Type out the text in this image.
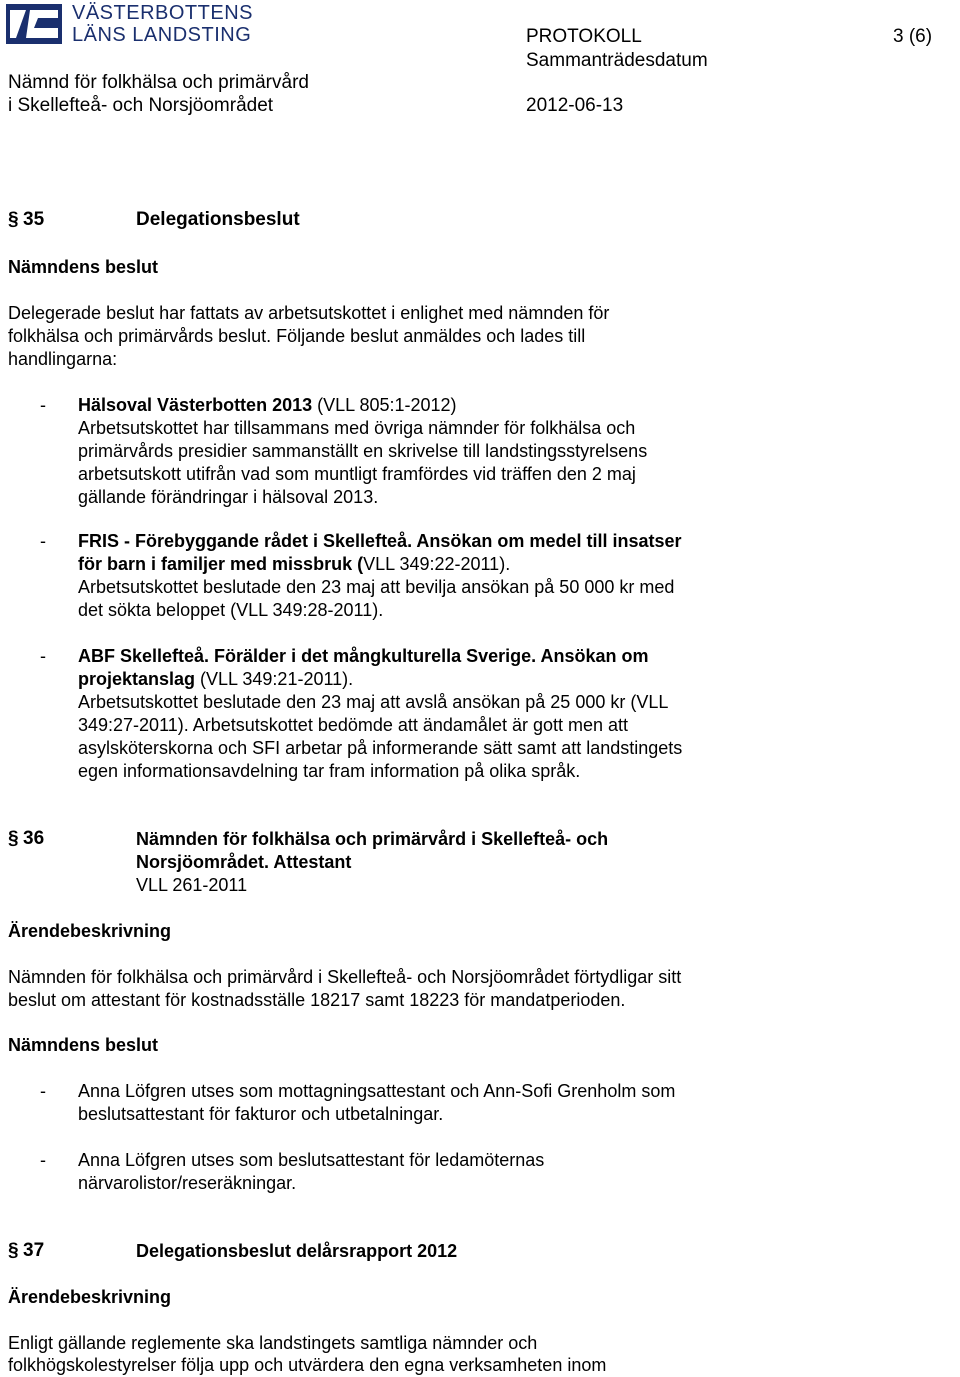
VÄSTERBOTTENS
LÄNS LANDSTING	PROTOKOLL	3 (6)
Sammanträdesdatum
Nämnd för folkhälsa och primärvård
i Skellefteå- och Norsjöområdet	2012-06-13
§ 35	Delegationsbeslut
Nämndens beslut
Delegerade beslut har fattats av arbetsutskottet i enlighet med nämnden för
folkhälsa och primärvårds beslut. Följande beslut anmäldes och lades till
handlingarna:
- Hälsoval Västerbotten 2013 (VLL 805:1-2012)
Arbetsutskottet har tillsammans med övriga nämnder för folkhälsa och
primärvårds presidier sammanställt en skrivelse till landstingsstyrelsens
arbetsutskott utifrån vad som muntligt framfördes vid träffen den 2 maj
gällande förändringar i hälsoval 2013.
- FRIS - Förebyggande rådet i Skellefteå. Ansökan om medel till insatser
för barn i familjer med missbruk (VLL 349:22-2011).
Arbetsutskottet beslutade den 23 maj att bevilja ansökan på 50 000 kr med
det sökta beloppet (VLL 349:28-2011).
- ABF Skellefteå. Förälder i det mångkulturella Sverige. Ansökan om
projektanslag (VLL 349:21-2011).
Arbetsutskottet beslutade den 23 maj att avslå ansökan på 25 000 kr (VLL
349:27-2011). Arbetsutskottet bedömde att ändamålet är gott men att
asylsköterskorna och SFI arbetar på informerande sätt samt att landstingets
egen informationsavdelning tar fram information på olika språk.
§ 36	Nämnden för folkhälsa och primärvård i Skellefteå- och
Norsjöområdet. Attestant
VLL 261-2011
Ärendebeskrivning
Nämnden för folkhälsa och primärvård i Skellefteå- och Norsjöområdet förtydligar sitt
beslut om attestant för kostnadsställe 18217 samt 18223 för mandatperioden.
Nämndens beslut
- Anna Löfgren utses som mottagningsattestant och Ann-Sofi Grenholm som
beslutsattestant för fakturor och utbetalningar.
- Anna Löfgren utses som beslutsattestant för ledamöternas
närvarolistor/reseräkningar.
§ 37	Delegationsbeslut delårsrapport 2012
Ärendebeskrivning
Enligt gällande reglemente ska landstingets samtliga nämnder och
folkhögskolestyrelser följa upp och utvärdera den egna verksamheten inom
